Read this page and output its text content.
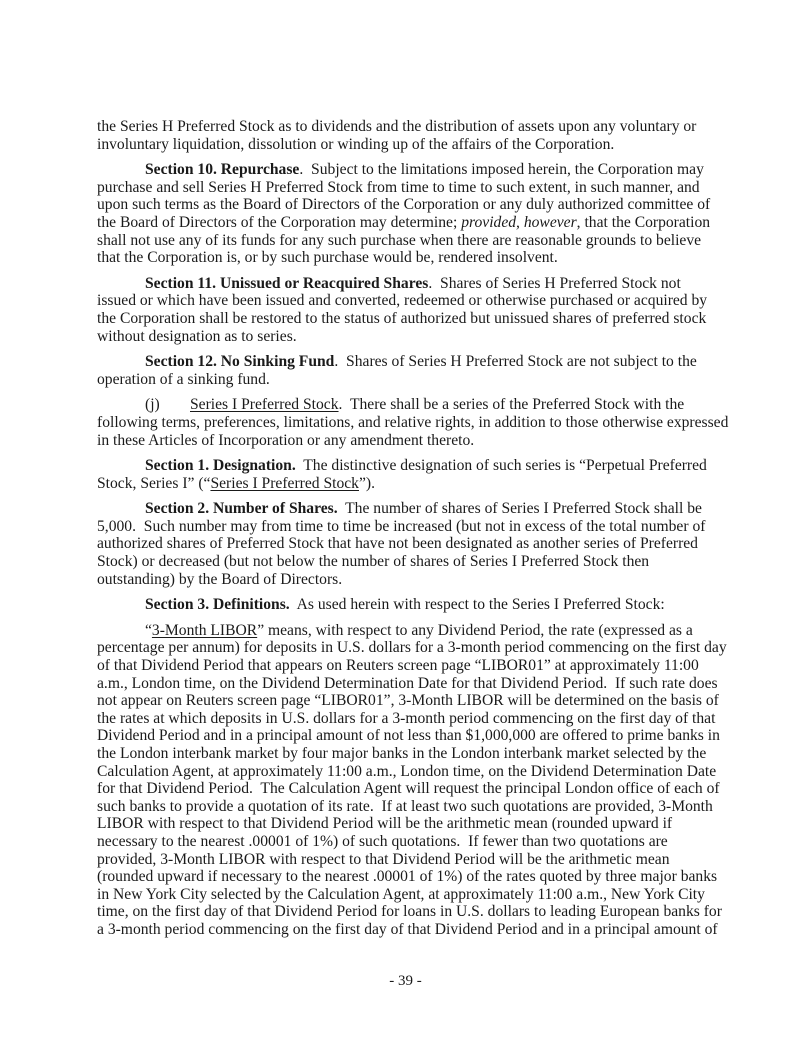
the Series H Preferred Stock as to dividends and the distribution of assets upon any voluntary or
involuntary liquidation, dissolution or winding up of the affairs of the Corporation.
Section 10. Repurchase.  Subject to the limitations imposed herein, the Corporation may
purchase and sell Series H Preferred Stock from time to time to such extent, in such manner, and
upon such terms as the Board of Directors of the Corporation or any duly authorized committee of
the Board of Directors of the Corporation may determine; provided, however, that the Corporation
shall not use any of its funds for any such purchase when there are reasonable grounds to believe
that the Corporation is, or by such purchase would be, rendered insolvent.
Section 11. Unissued or Reacquired Shares.  Shares of Series H Preferred Stock not
issued or which have been issued and converted, redeemed or otherwise purchased or acquired by
the Corporation shall be restored to the status of authorized but unissued shares of preferred stock
without designation as to series.
Section 12. No Sinking Fund.  Shares of Series H Preferred Stock are not subject to the
operation of a sinking fund.
(j) Series I Preferred Stock.  There shall be a series of the Preferred Stock with the
following terms, preferences, limitations, and relative rights, in addition to those otherwise expressed
in these Articles of Incorporation or any amendment thereto.
Section 1. Designation.  The distinctive designation of such series is “Perpetual Preferred
Stock, Series I” (“Series I Preferred Stock”).
Section 2. Number of Shares.  The number of shares of Series I Preferred Stock shall be
5,000.  Such number may from time to time be increased (but not in excess of the total number of
authorized shares of Preferred Stock that have not been designated as another series of Preferred
Stock) or decreased (but not below the number of shares of Series I Preferred Stock then
outstanding) by the Board of Directors.
Section 3. Definitions.  As used herein with respect to the Series I Preferred Stock:
“3-Month LIBOR” means, with respect to any Dividend Period, the rate (expressed as a
percentage per annum) for deposits in U.S. dollars for a 3-month period commencing on the first day
of that Dividend Period that appears on Reuters screen page “LIBOR01” at approximately 11:00
a.m., London time, on the Dividend Determination Date for that Dividend Period.  If such rate does
not appear on Reuters screen page “LIBOR01”, 3-Month LIBOR will be determined on the basis of
the rates at which deposits in U.S. dollars for a 3-month period commencing on the first day of that
Dividend Period and in a principal amount of not less than $1,000,000 are offered to prime banks in
the London interbank market by four major banks in the London interbank market selected by the
Calculation Agent, at approximately 11:00 a.m., London time, on the Dividend Determination Date
for that Dividend Period.  The Calculation Agent will request the principal London office of each of
such banks to provide a quotation of its rate.  If at least two such quotations are provided, 3-Month
LIBOR with respect to that Dividend Period will be the arithmetic mean (rounded upward if
necessary to the nearest .00001 of 1%) of such quotations.  If fewer than two quotations are
provided, 3-Month LIBOR with respect to that Dividend Period will be the arithmetic mean
(rounded upward if necessary to the nearest .00001 of 1%) of the rates quoted by three major banks
in New York City selected by the Calculation Agent, at approximately 11:00 a.m., New York City
time, on the first day of that Dividend Period for loans in U.S. dollars to leading European banks for
a 3-month period commencing on the first day of that Dividend Period and in a principal amount of
- 39 -
